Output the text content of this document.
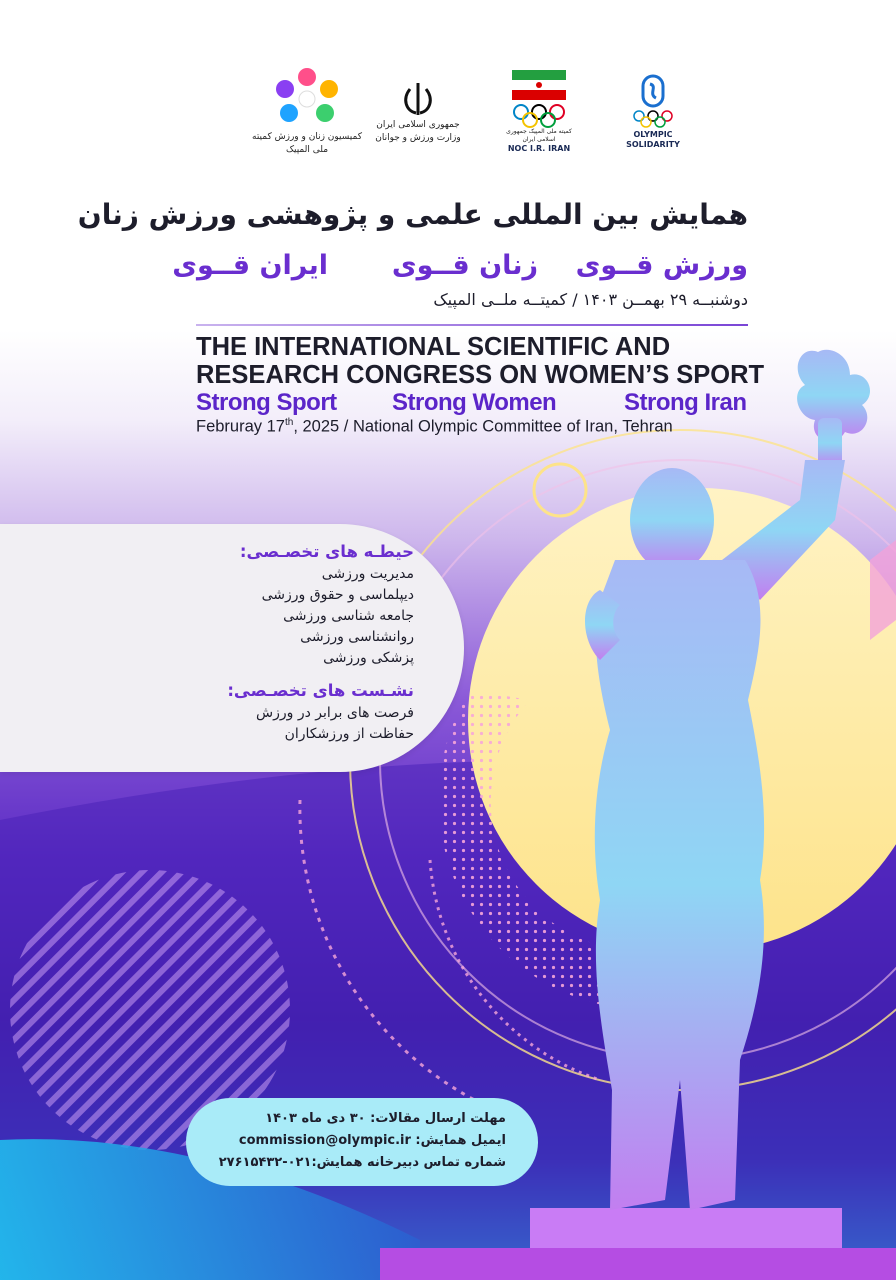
کمیسیون زنان و ورزش کمیته ملی المپیک
جمهوری اسلامی ایران
وزارت ورزش و جوانان
کمیته ملی المپیک جمهوری اسلامی ایران
NOC I.R. IRAN
OLYMPIC
SOLIDARITY
همایش بین المللی علمی و پژوهشی ورزش زنان
ورزش قــوی
زنان قــوی
ایران قــوی
دوشنبــه ۲۹ بهمــن ۱۴۰۳ / کمیتــه ملــی المپیک
THE INTERNATIONAL SCIENTIFIC AND
RESEARCH CONGRESS ON WOMEN’S SPORT
Strong Sport Strong Women	Strong Iran
Februray 17th, 2025 / National Olympic Committee of Iran, Tehran
حیطـه های تخصـصی:
مدیریت ورزشی
دیپلماسی و حقوق ورزشی
جامعه شناسی ورزشی
روانشناسی ورزشی
پزشکی ورزشی
نشـست های تخصـصی:
فرصت های برابر در ورزش
حفاظت از ورزشکاران
مهلت ارسال مقالات: ۳۰ دی ماه ۱۴۰۳
ایمیل همایش: commission@olympic.ir
شماره تماس دبیرخانه همایش:۰۲۱-۲۷۶۱۵۴۳۲
